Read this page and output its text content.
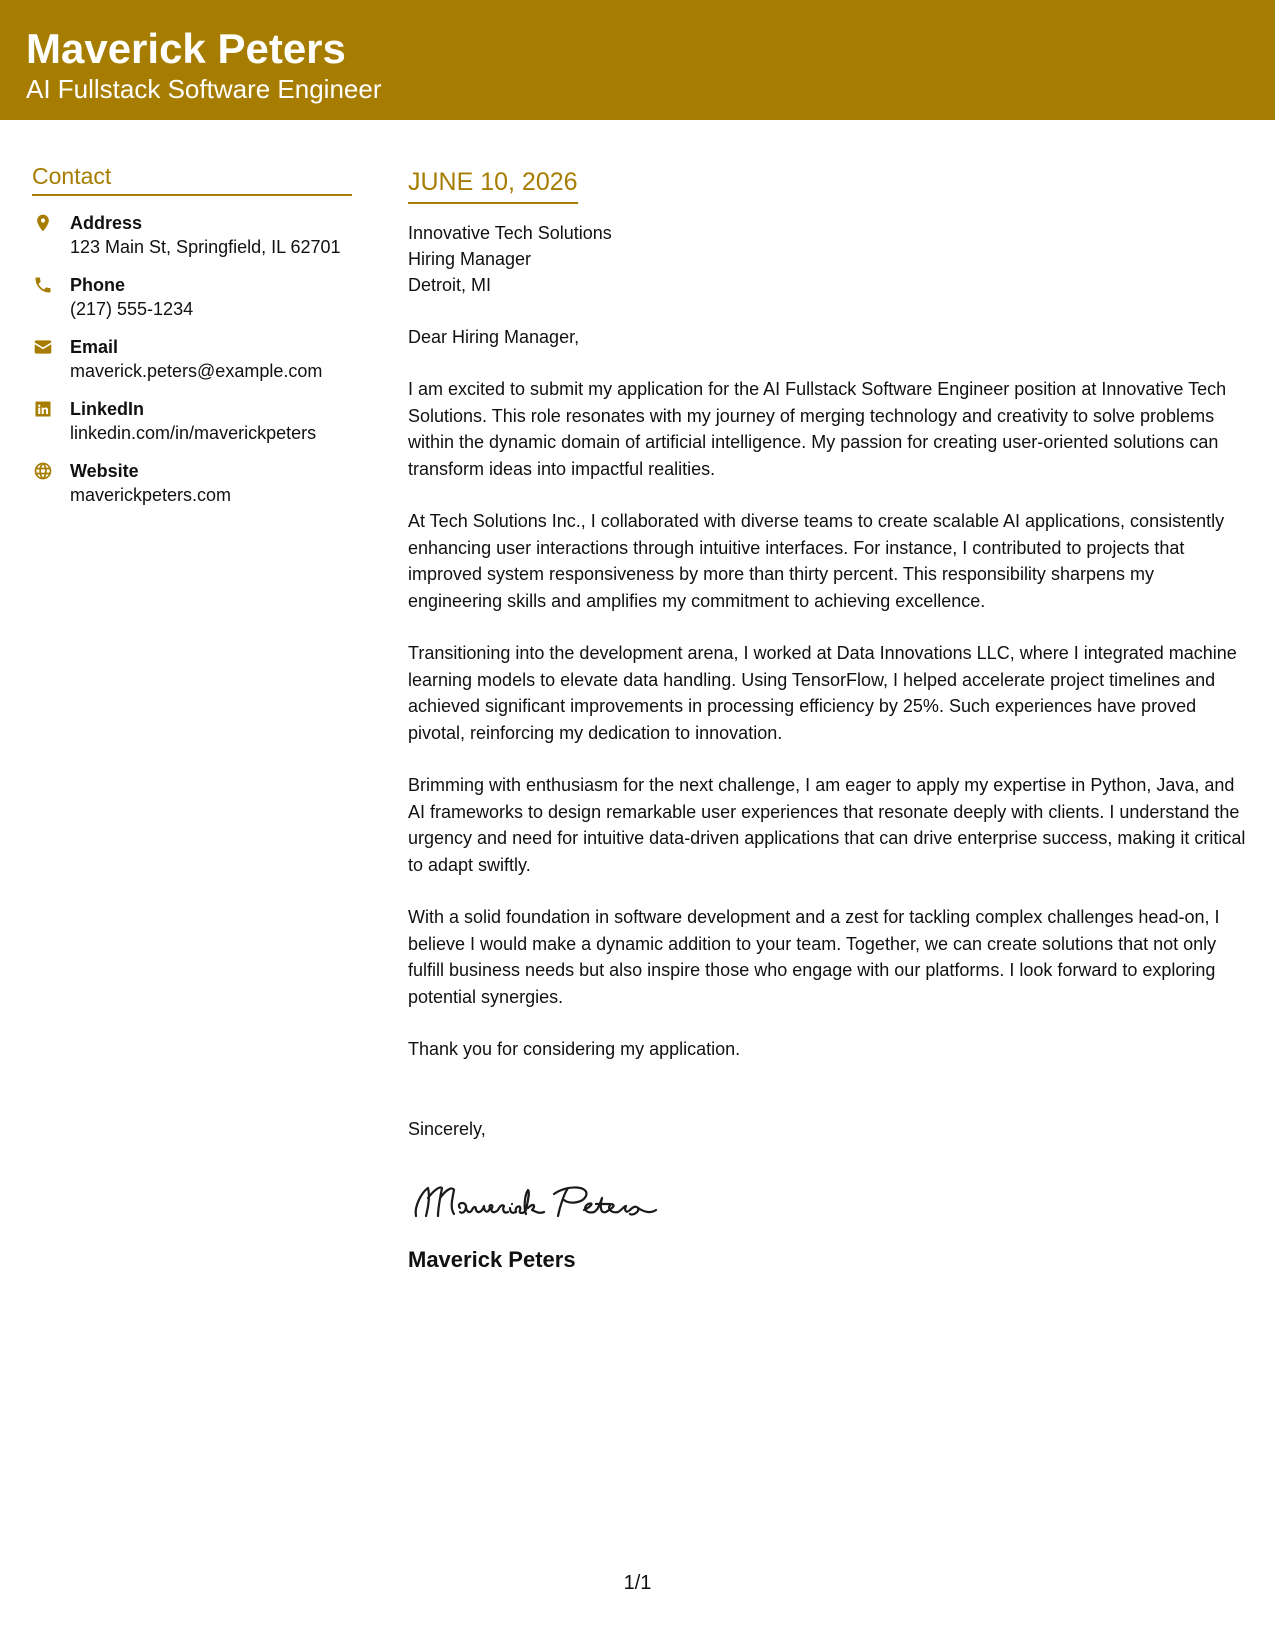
Maverick Peters
AI Fullstack Software Engineer
Contact
Address
123 Main St, Springfield, IL 62701
Phone
(217) 555-1234
Email
maverick.peters@example.com
LinkedIn
linkedin.com/in/maverickpeters
Website
maverickpeters.com
JUNE 10, 2026
Innovative Tech Solutions
Hiring Manager
Detroit, MI
Dear Hiring Manager,

I am excited to submit my application for the AI Fullstack Software Engineer position at Innovative Tech Solutions. This role resonates with my journey of merging technology and creativity to solve problems within the dynamic domain of artificial intelligence. My passion for creating user-oriented solutions can transform ideas into impactful realities.

At Tech Solutions Inc., I collaborated with diverse teams to create scalable AI applications, consistently enhancing user interactions through intuitive interfaces. For instance, I contributed to projects that improved system responsiveness by more than thirty percent. This responsibility sharpens my engineering skills and amplifies my commitment to achieving excellence.

Transitioning into the development arena, I worked at Data Innovations LLC, where I integrated machine learning models to elevate data handling. Using TensorFlow, I helped accelerate project timelines and achieved significant improvements in processing efficiency by 25%. Such experiences have proved pivotal, reinforcing my dedication to innovation.

Brimming with enthusiasm for the next challenge, I am eager to apply my expertise in Python, Java, and AI frameworks to design remarkable user experiences that resonate deeply with clients. I understand the urgency and need for intuitive data-driven applications that can drive enterprise success, making it critical to adapt swiftly.

With a solid foundation in software development and a zest for tackling complex challenges head-on, I believe I would make a dynamic addition to your team. Together, we can create solutions that not only fulfill business needs but also inspire those who engage with our platforms. I look forward to exploring potential synergies.

Thank you for considering my application.

Sincerely,
Maverick Peters
1/1
